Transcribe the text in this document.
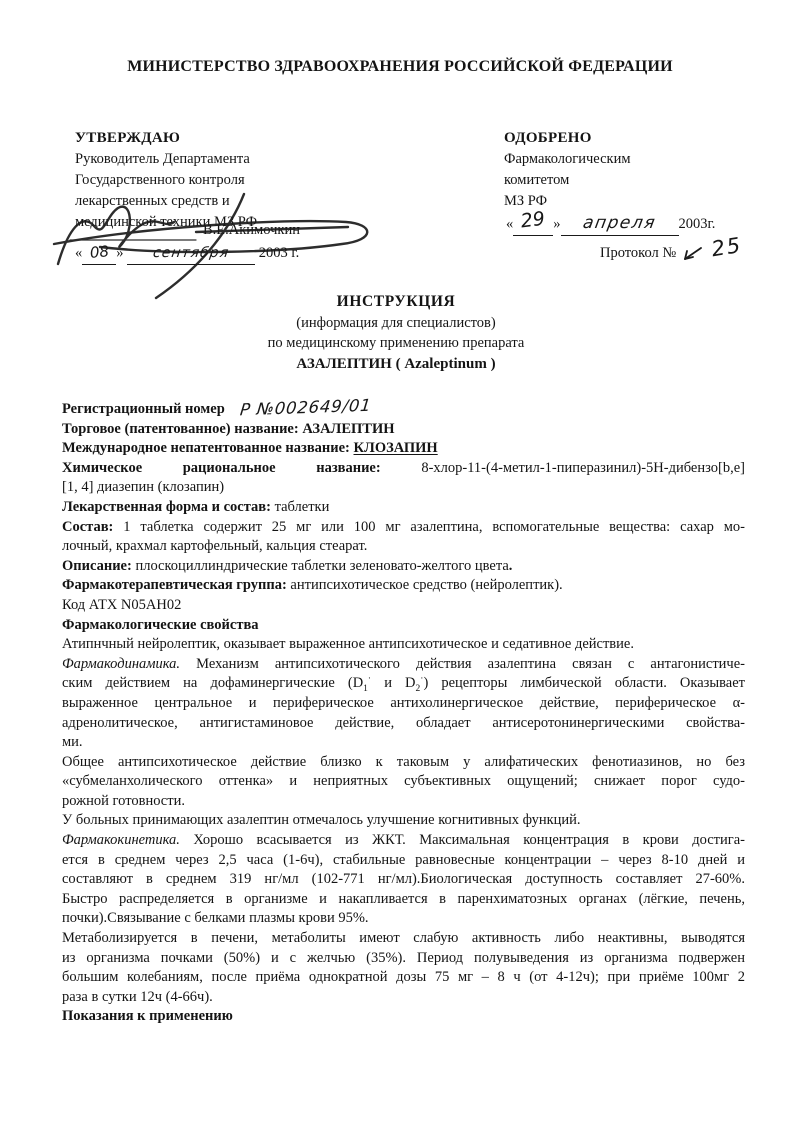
МИНИСТЕРСТВО ЗДРАВООХРАНЕНИЯ РОССИЙСКОЙ ФЕДЕРАЦИИ
УТВЕРЖДАЮ
Руководитель Департамента
Государственного контроля
лекарственных средств и
медицинской техники МЗ РФ
В.Е.Акимочкин
« 08 » сентября 2003 г.
ОДОБРЕНО
Фармакологическим
комитетом
МЗ РФ
« 29 » апреля 2003г.
Протокол № 25
ИНСТРУКЦИЯ
(информация для специалистов)
по медицинскому применению препарата
АЗАЛЕПТИН ( Azaleptinum )
Регистрационный номер Р №002649/01
Торговое (патентованное) название: АЗАЛЕПТИН
Международное непатентованное название: КЛОЗАПИН
Химическое рациональное название: 8-хлор-11-(4-метил-1-пиперазинил)-5Н-дибензо[b,e]
[1, 4] диазепин (клозапин)
Лекарственная форма и состав: таблетки
Состав: 1 таблетка содержит 25 мг или 100 мг азалептина, вспомогательные вещества: сахар мо-
лочный, крахмал картофельный, кальция стеарат.
Описание: плоскоциллиндрические таблетки зеленовато-желтого цвета.
Фармакотерапевтическая группа: антипсихотическое средство (нейролептик).
Код АТХ N05AH02
Фармакологические свойства
Атипнчный нейролептик, оказывает выраженное антипсихотическое и седативное действие.
Фармакодинамика. Механизм антипсихотического действия азалептина связан с антагонистиче-
ским действием на дофаминергические ($D_1^\cdot$ и $D_2^\cdot$) рецепторы лимбической области. Оказывает
выраженное центральное и периферическое антихолинергическое действие, периферическое α-
адренолитическое, антигистаминовое действие, обладает антисеротонинергическими свойства-
ми.
Общее антипсихотическое действие близко к таковым у алифатических фенотиазинов, но без
«субмеланхолического оттенка» и неприятных субъективных ощущений; снижает порог судо-
рожной готовности.
У больных принимающих азалептин отмечалось улучшение когнитивных функций.
Фармакокинетика. Хорошо всасывается из ЖКТ. Максимальная концентрация в крови достига-
ется в среднем через 2,5 часа (1-6ч), стабильные равновесные концентрации – через 8-10 дней и
составляют в среднем 319 нг/мл (102-771 нг/мл).Биологическая доступность составляет 27-60%.
Быстро распределяется в организме и накапливается в паренхиматозных органах (лёгкие, печень,
почки).Связывание с белками плазмы крови 95%.
Метаболизируется в печени, метаболиты имеют слабую активность либо неактивны, выводятся
из организма почками (50%) и с желчью (35%). Период полувыведения из организма подвержен
большим колебаниям, после приёма однократной дозы 75 мг – 8 ч (от 4-12ч); при приёме 100мг 2
раза в сутки 12ч (4-66ч).
Показания к применению
